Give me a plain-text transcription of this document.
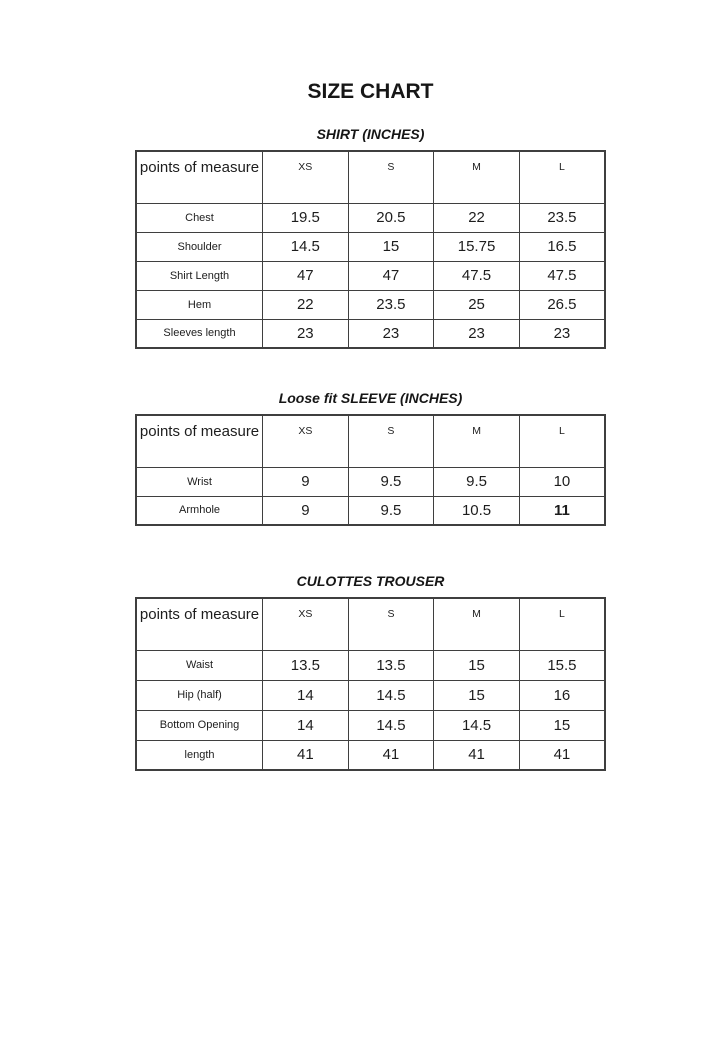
SIZE CHART
SHIRT (INCHES)
points of measure	XS	S	M	L
Chest	19.5	20.5	22	23.5
Shoulder	14.5	15	15.75	16.5
Shirt Length	47	47	47.5	47.5
Hem	22	23.5	25	26.5
Sleeves length	23	23	23	23
Loose fit SLEEVE (INCHES)
points of measure	XS	S	M	L
Wrist	9	9.5	9.5	10
Armhole	9	9.5	10.5	11
CULOTTES TROUSER
points of measure	XS	S	M	L
Waist	13.5	13.5	15	15.5
Hip (half)	14	14.5	15	16
Bottom Opening	14	14.5	14.5	15
length	41	41	41	41
